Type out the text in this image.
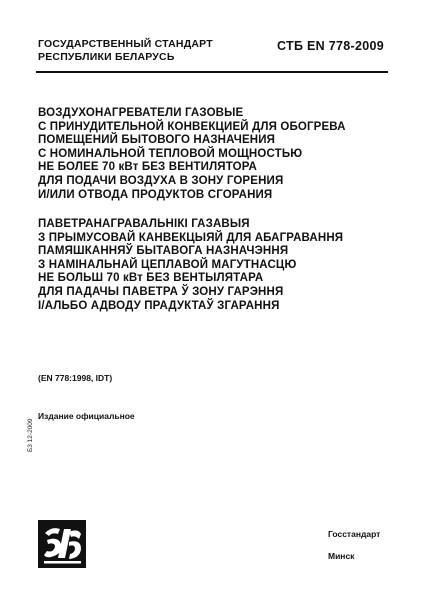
ГОСУДАРСТВЕННЫЙ СТАНДАРТ
РЕСПУБЛИКИ БЕЛАРУСЬ
СТБ EN 778-2009
ВОЗДУХОНАГРЕВАТЕЛИ ГАЗОВЫЕ
С ПРИНУДИТЕЛЬНОЙ КОНВЕКЦИЕЙ ДЛЯ ОБОГРЕВА
ПОМЕЩЕНИЙ БЫТОВОГО НАЗНАЧЕНИЯ
С НОМИНАЛЬНОЙ ТЕПЛОВОЙ МОЩНОСТЬЮ
НЕ БОЛЕЕ 70 кВт БЕЗ ВЕНТИЛЯТОРА
ДЛЯ ПОДАЧИ ВОЗДУХА В ЗОНУ ГОРЕНИЯ
И/ИЛИ ОТВОДА ПРОДУКТОВ СГОРАНИЯ
ПАВЕТРАНАГРАВАЛЬНІКІ ГАЗАВЫЯ
З ПРЫМУСОВАЙ КАНВЕКЦЫЯЙ ДЛЯ АБАГРАВАННЯ
ПАМЯШКАННЯЎ БЫТАВОГА НАЗНАЧЭННЯ
З НАМІНАЛЬНАЙ ЦЕПЛАВОЙ МАГУТНАСЦЮ
НЕ БОЛЬШ 70 кВт БЕЗ ВЕНТЫЛЯТАРА
ДЛЯ ПАДАЧЫ ПАВЕТРА Ў ЗОНУ ГАРЭННЯ
І/АЛЬБО АДВОДУ ПРАДУКТАЎ ЗГАРАННЯ
(EN 778:1998, IDT)
Издание официальное
Б3 12-2009
Госстандарт
Минск
